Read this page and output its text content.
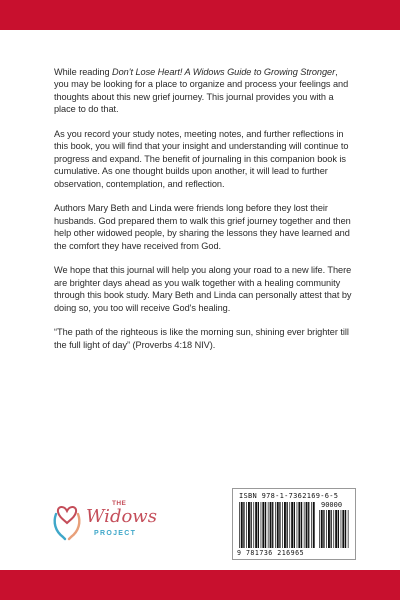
While reading Don't Lose Heart! A Widows Guide to Growing Stronger, you may be looking for a place to organize and process your feelings and thoughts about this new grief journey. This journal provides you with a place to do that.

As you record your study notes, meeting notes, and further reflections in this book, you will find that your insight and understanding will continue to progress and expand. The benefit of journaling in this companion book is cumulative. As one thought builds upon another, it will lead to further observation, contemplation, and reflection.

Authors Mary Beth and Linda were friends long before they lost their husbands. God prepared them to walk this grief journey together and then help other widowed people, by sharing the lessons they have learned and the comfort they have received from God.

We hope that this journal will help you along your road to a new life. There are brighter days ahead as you walk together with a healing community through this book study. Mary Beth and Linda can personally attest that by doing so, you too will receive God's healing.

“The path of the righteous is like the morning sun, shining ever brighter till the full light of day” (Proverbs 4:18 NIV).

THE
Widows
PROJECT
ISBN 978-1-7362169-6-5
90000
9 781736 216965
